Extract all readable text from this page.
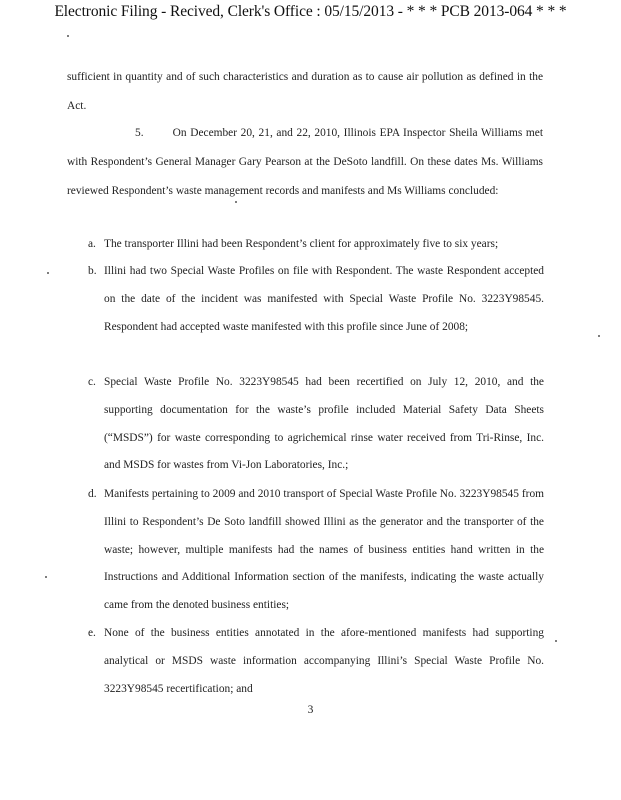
Electronic Filing - Recived, Clerk's Office : 05/15/2013 - * * * PCB 2013-064 * * *
sufficient in quantity and of such characteristics and duration as to cause air pollution as defined in the Act.
5.	On December 20, 21, and 22, 2010, Illinois EPA Inspector Sheila Williams met with Respondent’s General Manager Gary Pearson at the DeSoto landfill. On these dates Ms. Williams reviewed Respondent’s waste management records and manifests and Ms Williams concluded:
a. The transporter Illini had been Respondent’s client for approximately five to six years;
b. Illini had two Special Waste Profiles on file with Respondent. The waste Respondent accepted on the date of the incident was manifested with Special Waste Profile No. 3223Y98545. Respondent had accepted waste manifested with this profile since June of 2008;
c. Special Waste Profile No. 3223Y98545 had been recertified on July 12, 2010, and the supporting documentation for the waste’s profile included Material Safety Data Sheets (“MSDS”) for waste corresponding to agrichemical rinse water received from Tri-Rinse, Inc. and MSDS for wastes from Vi-Jon Laboratories, Inc.;
d. Manifests pertaining to 2009 and 2010 transport of Special Waste Profile No. 3223Y98545 from Illini to Respondent’s De Soto landfill showed Illini as the generator and the transporter of the waste; however, multiple manifests had the names of business entities hand written in the Instructions and Additional Information section of the manifests, indicating the waste actually came from the denoted business entities;
e. None of the business entities annotated in the afore-mentioned manifests had supporting analytical or MSDS waste information accompanying Illini’s Special Waste Profile No. 3223Y98545 recertification; and
3
